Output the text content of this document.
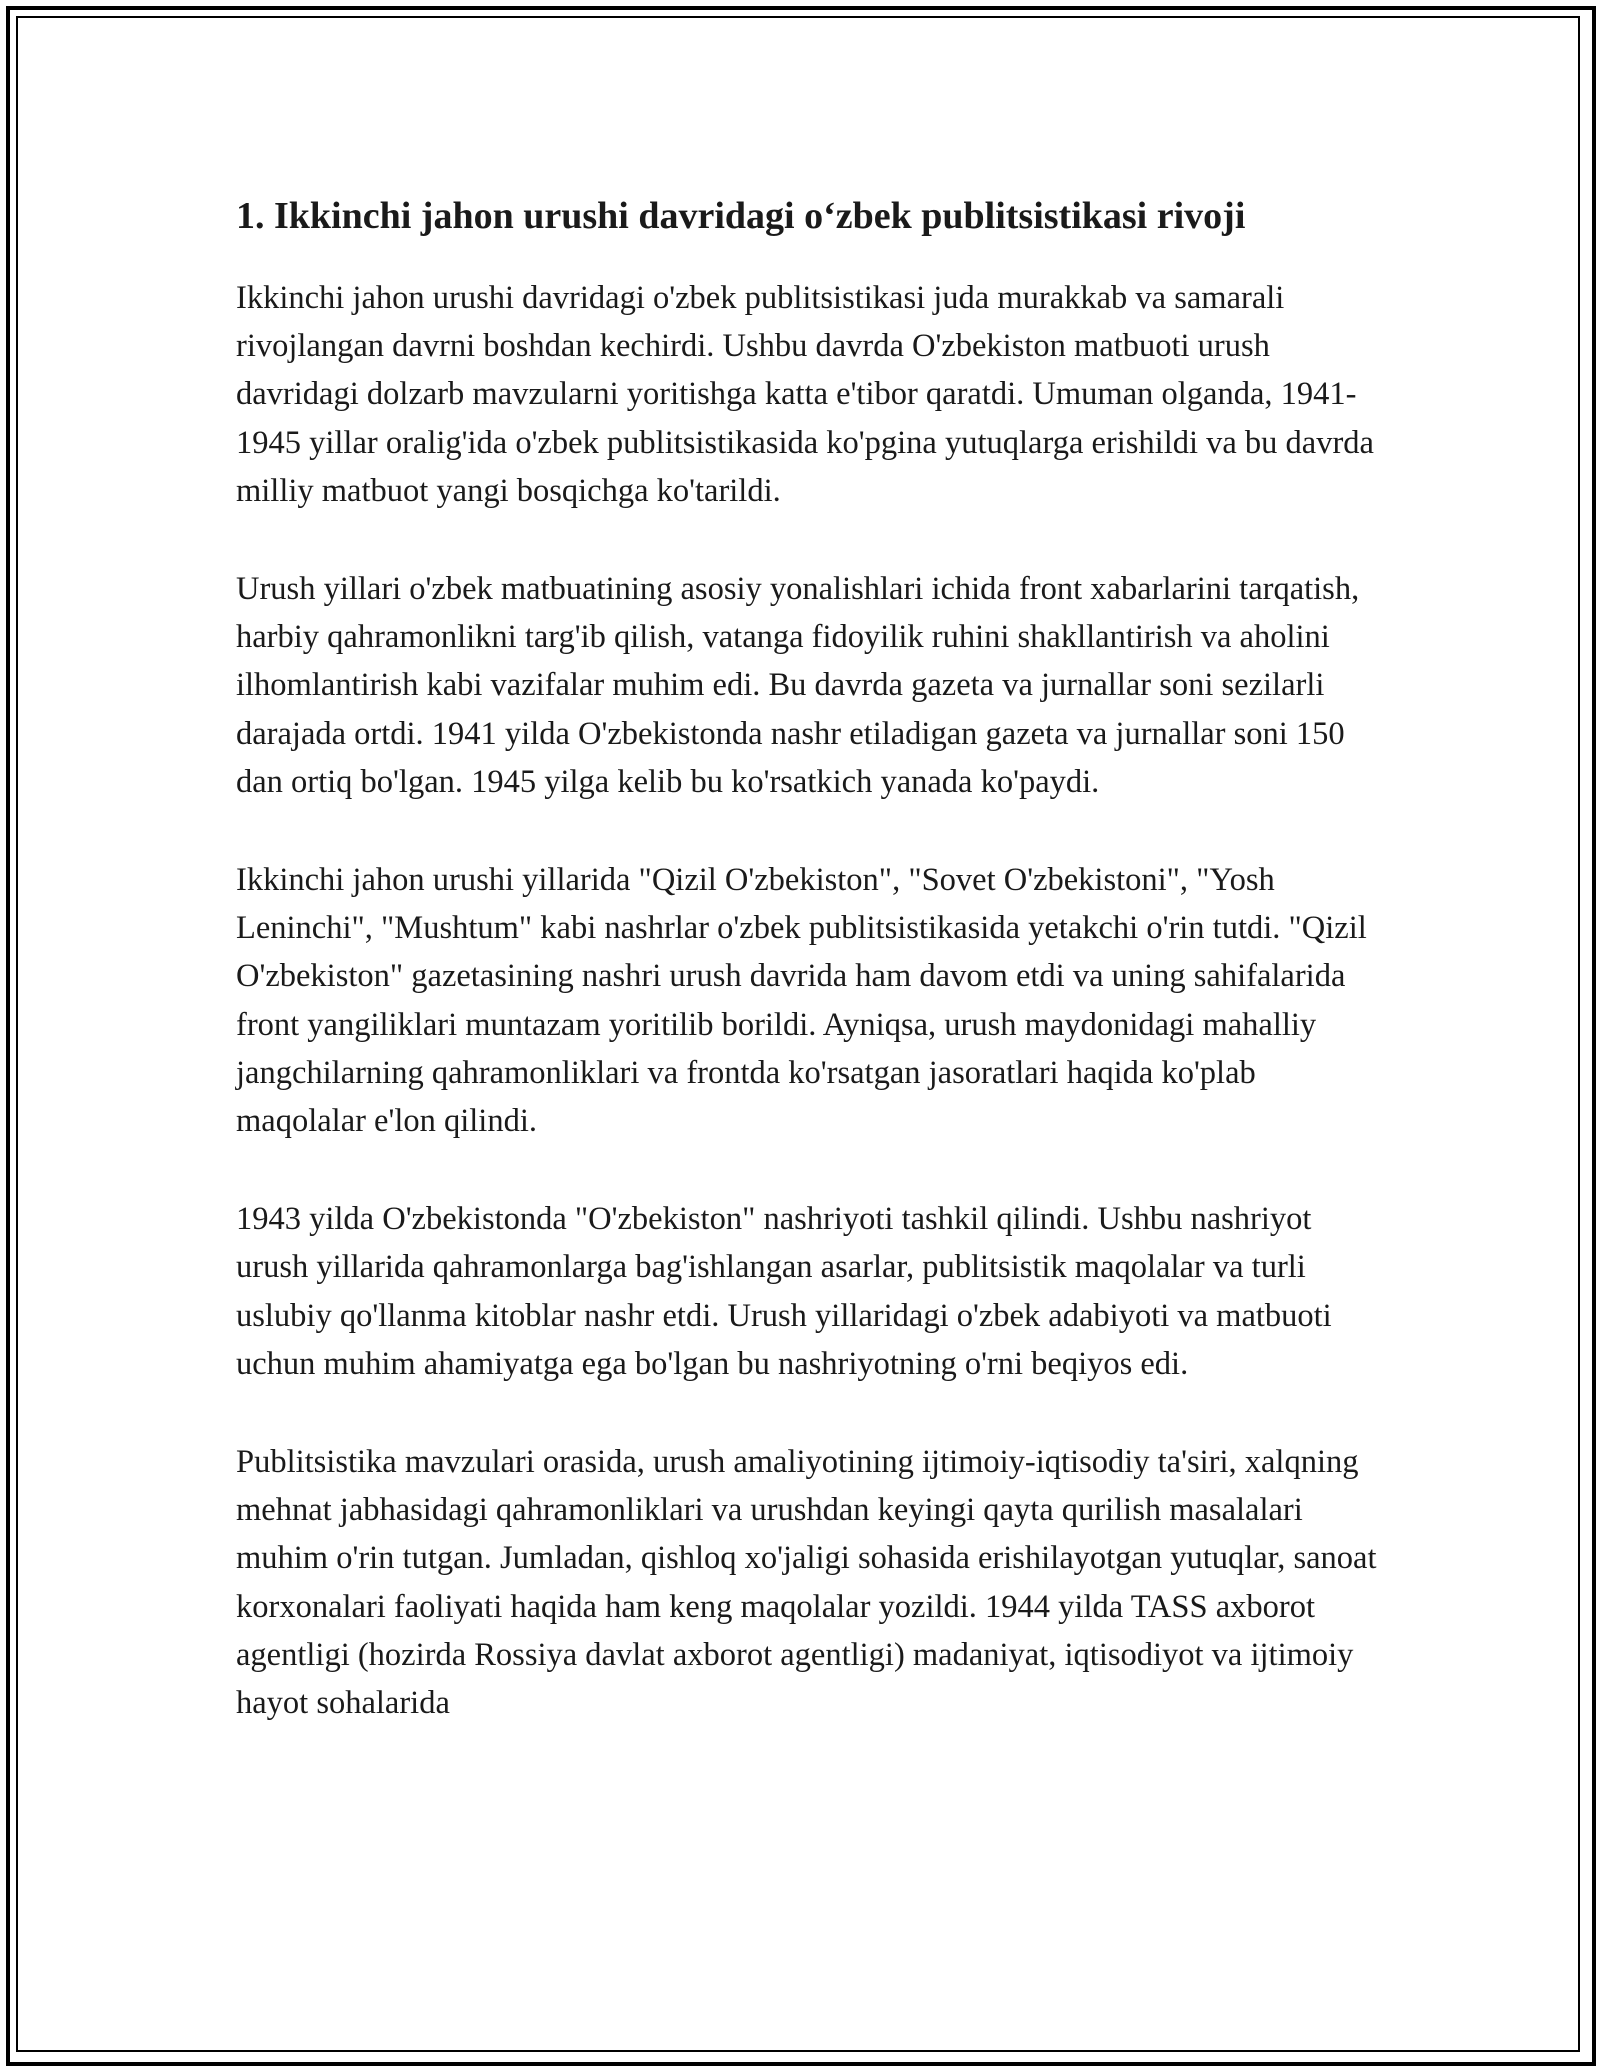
1. Ikkinchi jahon urushi davridagi o‘zbek publitsistikasi rivoji

Ikkinchi jahon urushi davridagi o'zbek publitsistikasi juda murakkab va samarali rivojlangan davrni boshdan kechirdi. Ushbu davrda O'zbekiston matbuoti urush davridagi dolzarb mavzularni yoritishga katta e'tibor qaratdi. Umuman olganda, 1941-1945 yillar oralig'ida o'zbek publitsistikasida ko'pgina yutuqlarga erishildi va bu davrda milliy matbuot yangi bosqichga ko'tarildi.

Urush yillari o'zbek matbuatining asosiy yonalishlari ichida front xabarlarini tarqatish, harbiy qahramonlikni targ'ib qilish, vatanga fidoyilik ruhini shakllantirish va aholini ilhomlantirish kabi vazifalar muhim edi. Bu davrda gazeta va jurnallar soni sezilarli darajada ortdi. 1941 yilda O'zbekistonda nashr etiladigan gazeta va jurnallar soni 150 dan ortiq bo'lgan. 1945 yilga kelib bu ko'rsatkich yanada ko'paydi.

Ikkinchi jahon urushi yillarida "Qizil O'zbekiston", "Sovet O'zbekistoni", "Yosh Leninchi", "Mushtum" kabi nashrlar o'zbek publitsistikasida yetakchi o'rin tutdi. "Qizil O'zbekiston" gazetasining nashri urush davrida ham davom etdi va uning sahifalarida front yangiliklari muntazam yoritilib borildi. Ayniqsa, urush maydonidagi mahalliy jangchilarning qahramonliklari va frontda ko'rsatgan jasoratlari haqida ko'plab maqolalar e'lon qilindi.

1943 yilda O'zbekistonda "O'zbekiston" nashriyoti tashkil qilindi. Ushbu nashriyot urush yillarida qahramonlarga bag'ishlangan asarlar, publitsistik maqolalar va turli uslubiy qo'llanma kitoblar nashr etdi. Urush yillaridagi o'zbek adabiyoti va matbuoti uchun muhim ahamiyatga ega bo'lgan bu nashriyotning o'rni beqiyos edi.

Publitsistika mavzulari orasida, urush amaliyotining ijtimoiy-iqtisodiy ta'siri, xalqning mehnat jabhasidagi qahramonliklari va urushdan keyingi qayta qurilish masalalari muhim o'rin tutgan. Jumladan, qishloq xo'jaligi sohasida erishilayotgan yutuqlar, sanoat korxonalari faoliyati haqida ham keng maqolalar yozildi. 1944 yilda TASS axborot agentligi (hozirda Rossiya davlat axborot agentligi) madaniyat, iqtisodiyot va ijtimoiy hayot sohalarida
